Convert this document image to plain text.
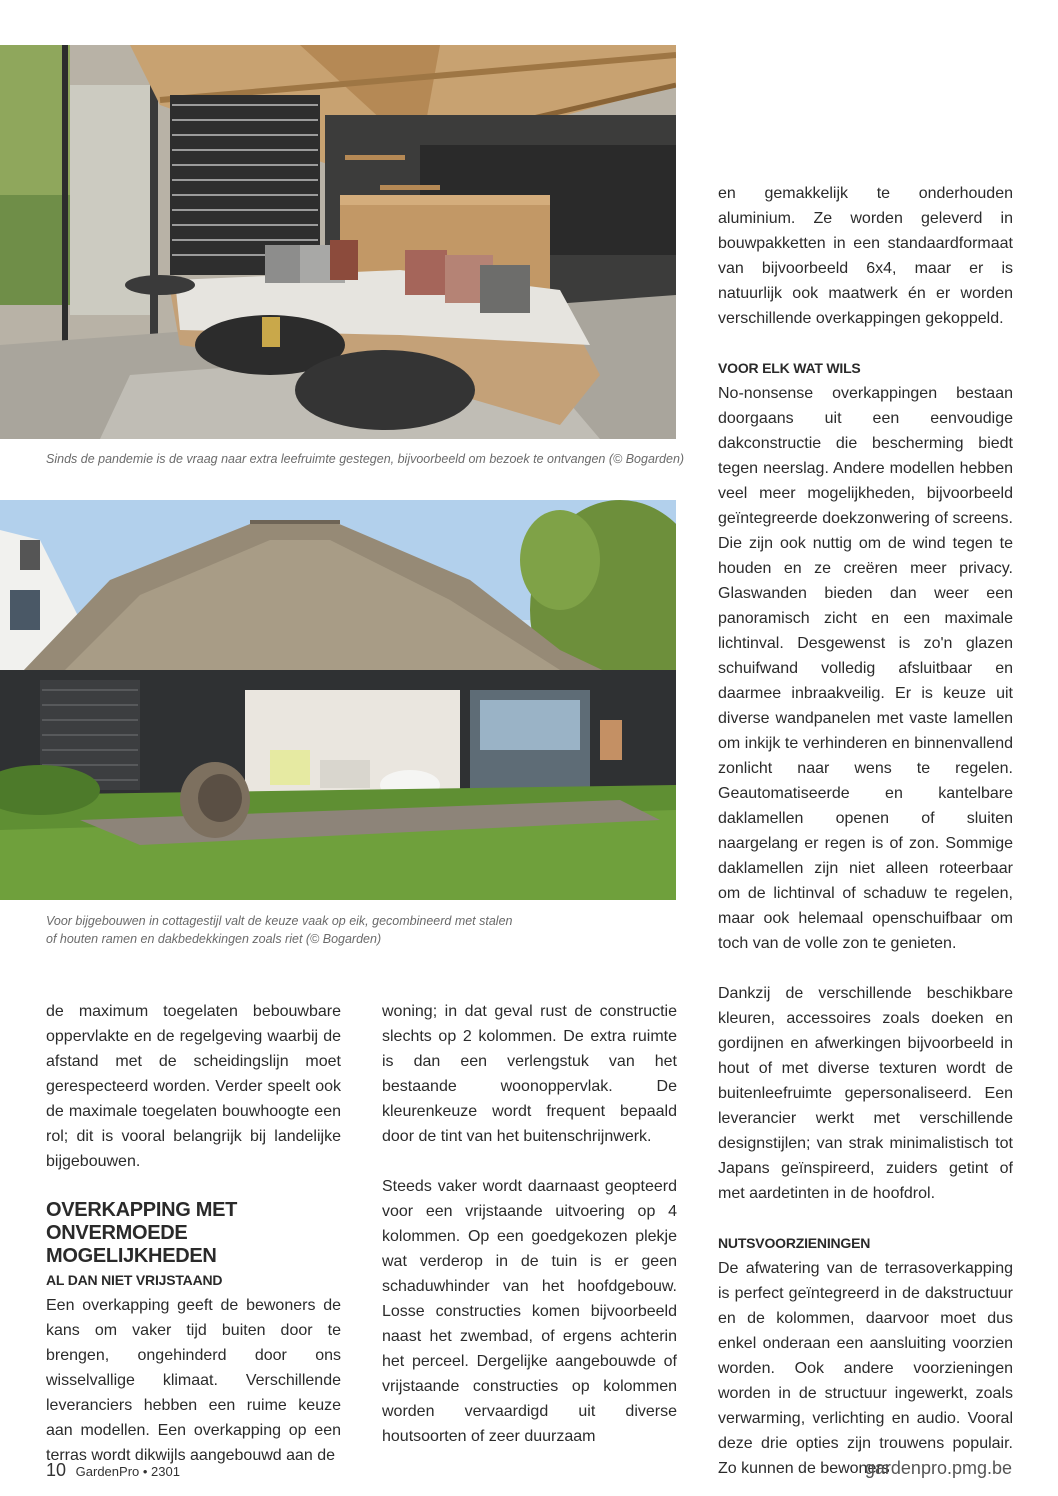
Sinds de pandemie is de vraag naar extra leefruimte gestegen, bijvoorbeeld om bezoek te ontvangen (© Bogarden)

Voor bijgebouwen in cottagestijl valt de keuze vaak op eik, gecombineerd met stalen
of houten ramen en dakbedekkingen zoals riet (© Bogarden)

de maximum toegelaten bebouwbare oppervlakte en de regelgeving waarbij de afstand met de scheidingslijn moet gerespecteerd worden. Verder speelt ook de maximale toegelaten bouwhoogte een rol; dit is vooral belangrijk bij landelijke bijgebouwen.

OVERKAPPING MET
ONVERMOEDE MOGELIJKHEDEN
AL DAN NIET VRIJSTAAND

Een overkapping geeft de bewoners de kans om vaker tijd buiten door te brengen, ongehinderd door ons wisselvallige klimaat. Verschillende leveranciers hebben een ruime keuze aan modellen. Een overkapping op een terras wordt dikwijls aangebouwd aan de

woning; in dat geval rust de constructie slechts op 2 kolommen. De extra ruimte is dan een verlengstuk van het bestaande woonoppervlak. De kleurenkeuze wordt frequent bepaald door de tint van het buitenschrijnwerk.

Steeds vaker wordt daarnaast geopteerd voor een vrijstaande uitvoering op 4 kolommen. Op een goedgekozen plekje wat verderop in de tuin is er geen schaduwhinder van het hoofdgebouw. Losse constructies komen bijvoorbeeld naast het zwembad, of ergens achterin het perceel. Dergelijke aangebouwde of vrijstaande constructies op kolommen worden vervaardigd uit diverse houtsoorten of zeer duurzaam

en gemakkelijk te onderhouden aluminium. Ze worden geleverd in bouwpakketten in een standaardformaat van bijvoorbeeld 6x4, maar er is natuurlijk ook maatwerk én er worden verschillende overkappingen gekoppeld.

VOOR ELK WAT WILS

No-nonsense overkappingen bestaan doorgaans uit een eenvoudige dakconstructie die bescherming biedt tegen neerslag. Andere modellen hebben veel meer mogelijkheden, bijvoorbeeld geïntegreerde doekzonwering of screens. Die zijn ook nuttig om de wind tegen te houden en ze creëren meer privacy. Glaswanden bieden dan weer een panoramisch zicht en een maximale lichtinval. Desgewenst is zo'n glazen schuifwand volledig afsluitbaar en daarmee inbraakveilig. Er is keuze uit diverse wandpanelen met vaste lamellen om inkijk te verhinderen en binnenvallend zonlicht naar wens te regelen. Geautomatiseerde en kantelbare daklamellen openen of sluiten naargelang er regen is of zon. Sommige daklamellen zijn niet alleen roteerbaar om de lichtinval of schaduw te regelen, maar ook helemaal openschuifbaar om toch van de volle zon te genieten.

Dankzij de verschillende beschikbare kleuren, accessoires zoals doeken en gordijnen en afwerkingen bijvoorbeeld in hout of met diverse texturen wordt de buitenleefruimte gepersonaliseerd. Een leverancier werkt met verschillende designstijlen; van strak minimalistisch tot Japans geïnspireerd, zuiders getint of met aardetinten in de hoofdrol.

NUTSVOORZIENINGEN

De afwatering van de terrasoverkapping is perfect geïntegreerd in de dakstructuur en de kolommen, daarvoor moet dus enkel onderaan een aansluiting voorzien worden. Ook andere voorzieningen worden in de structuur ingewerkt, zoals verwarming, verlichting en audio. Vooral deze drie opties zijn trouwens populair. Zo kunnen de bewoners

10 GardenPro • 2301	gardenpro.pmg.be
